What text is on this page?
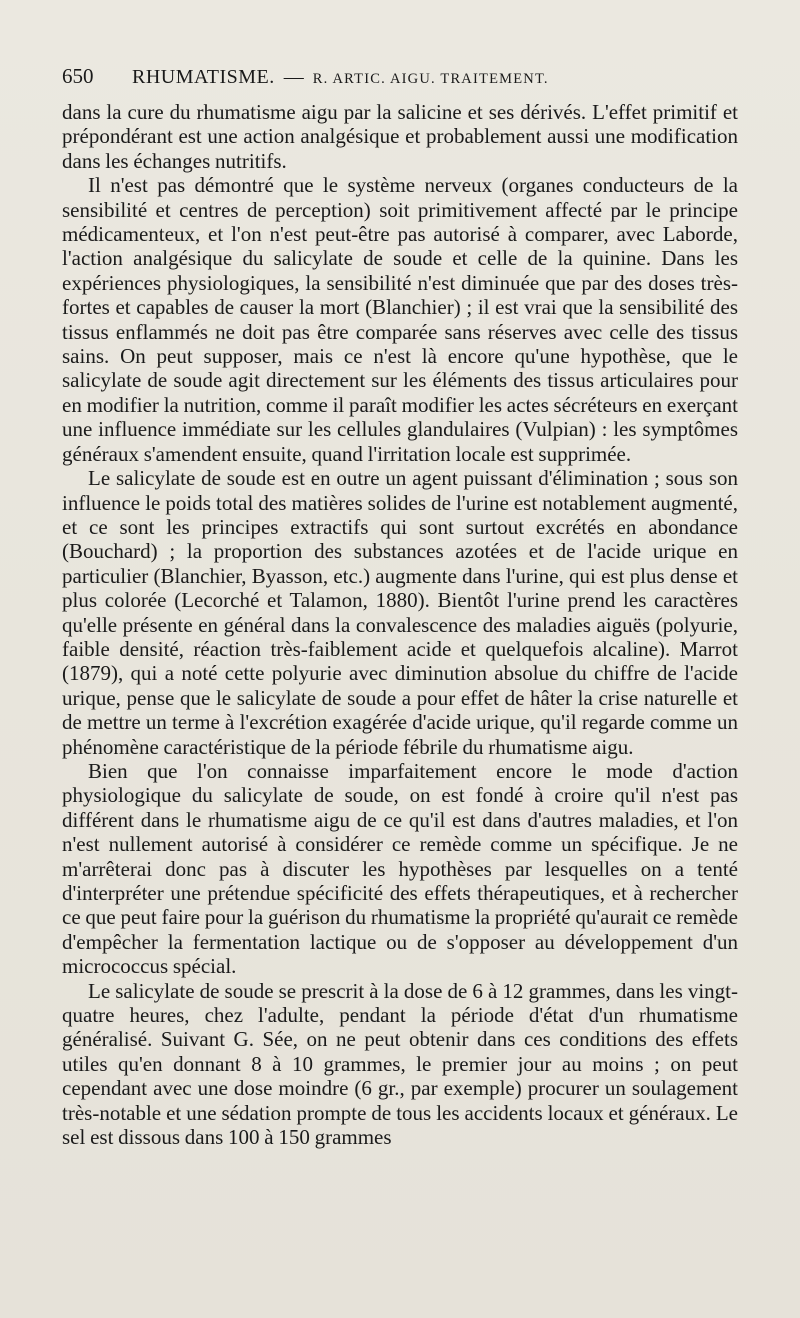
650	RHUMATISME. — R. ARTIC. AIGU. TRAITEMENT.

dans la cure du rhumatisme aigu par la salicine et ses dérivés. L'effet primitif et prépondérant est une action analgésique et probablement aussi une modification dans les échanges nutritifs.

Il n'est pas démontré que le système nerveux (organes conducteurs de la sensibilité et centres de perception) soit primitivement affecté par le principe médicamenteux, et l'on n'est peut-être pas autorisé à comparer, avec Laborde, l'action analgésique du salicylate de soude et celle de la quinine. Dans les expériences physiologiques, la sensibilité n'est diminuée que par des doses très-fortes et capables de causer la mort (Blanchier) ; il est vrai que la sensibilité des tissus enflammés ne doit pas être comparée sans réserves avec celle des tissus sains. On peut supposer, mais ce n'est là encore qu'une hypothèse, que le salicylate de soude agit directement sur les éléments des tissus articulaires pour en modifier la nutrition, comme il paraît modifier les actes sécréteurs en exerçant une influence immédiate sur les cellules glandulaires (Vulpian) : les symptômes généraux s'amendent ensuite, quand l'irritation locale est supprimée.

Le salicylate de soude est en outre un agent puissant d'élimination ; sous son influence le poids total des matières solides de l'urine est notablement augmenté, et ce sont les principes extractifs qui sont surtout excrétés en abondance (Bouchard) ; la proportion des substances azotées et de l'acide urique en particulier (Blanchier, Byasson, etc.) augmente dans l'urine, qui est plus dense et plus colorée (Lecorché et Talamon, 1880). Bientôt l'urine prend les caractères qu'elle présente en général dans la convalescence des maladies aiguës (polyurie, faible densité, réaction très-faiblement acide et quelquefois alcaline). Marrot (1879), qui a noté cette polyurie avec diminution absolue du chiffre de l'acide urique, pense que le salicylate de soude a pour effet de hâter la crise naturelle et de mettre un terme à l'excrétion exagérée d'acide urique, qu'il regarde comme un phénomène caractéristique de la période fébrile du rhumatisme aigu.

Bien que l'on connaisse imparfaitement encore le mode d'action physiologique du salicylate de soude, on est fondé à croire qu'il n'est pas différent dans le rhumatisme aigu de ce qu'il est dans d'autres maladies, et l'on n'est nullement autorisé à considérer ce remède comme un spécifique. Je ne m'arrêterai donc pas à discuter les hypothèses par lesquelles on a tenté d'interpréter une prétendue spécificité des effets thérapeutiques, et à rechercher ce que peut faire pour la guérison du rhumatisme la propriété qu'aurait ce remède d'empêcher la fermentation lactique ou de s'opposer au développement d'un micrococcus spécial.

Le salicylate de soude se prescrit à la dose de 6 à 12 grammes, dans les vingt-quatre heures, chez l'adulte, pendant la période d'état d'un rhumatisme généralisé. Suivant G. Sée, on ne peut obtenir dans ces conditions des effets utiles qu'en donnant 8 à 10 grammes, le premier jour au moins ; on peut cependant avec une dose moindre (6 gr., par exemple) procurer un soulagement très-notable et une sédation prompte de tous les accidents locaux et généraux. Le sel est dissous dans 100 à 150 grammes
